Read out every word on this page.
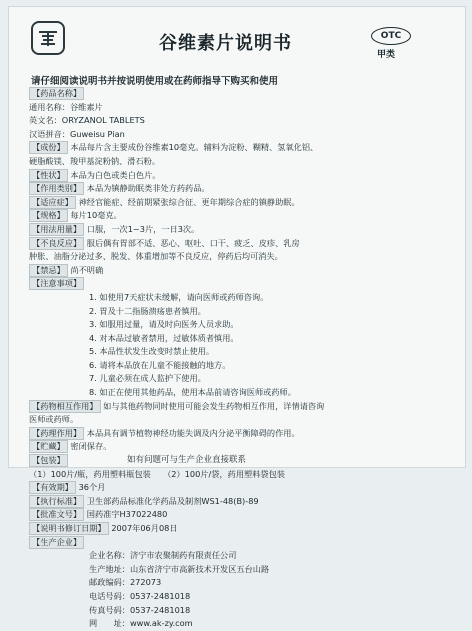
谷维素片说明书	OTC
甲类
请仔细阅读说明书并按说明使用或在药师指导下购买和使用
【药品名称】
通用名称：谷维素片
英文名：ORYZANOL TABLETS
汉语拼音：Guweisu Pian
【成份】 本品每片含主要成份谷维素10毫克。辅料为淀粉、糊精、氢氧化铝、
硬脂酸镁、羧甲基淀粉钠、滑石粉。
【性状】 本品为白色或类白色片。
【作用类别】 本品为镇静助眠类非处方药药品。
【适应症】 神经官能症、经前期紧张综合征、更年期综合症的镇静助眠。
【规格】 每片10毫克。
【用法用量】 口服，一次1~3片，一日3次。
【不良反应】 服后偶有胃部不适、恶心、呕吐、口干、疲乏、皮疹、乳房
肿胀、油脂分泌过多、脱发、体重增加等不良反应，停药后均可消失。
【禁忌】 尚不明确
【注意事项】
1. 如使用7天症状未缓解，请向医师或药师咨询。
2. 胃及十二指肠溃疡患者慎用。
3. 如服用过量，请及时向医务人员求助。
4. 对本品过敏者禁用，过敏体质者慎用。
5. 本品性状发生改变时禁止使用。
6. 请将本品放在儿童不能接触的地方。
7. 儿童必须在成人监护下使用。
8. 如正在使用其他药品，使用本品前请咨询医师或药师。
【药物相互作用】 如与其他药物同时使用可能会发生药物相互作用，详情请咨询
医师或药师。
【药理作用】 本品具有调节植物神经功能失调及内分泌平衡障碍的作用。
【贮藏】 密闭保存。
【包装】
（1）100片/瓶，药用塑料瓶包装　　（2）100片/袋，药用塑料袋包装
【有效期】 36个月
【执行标准】 卫生部药品标准化学药品及制剂WS1-48(B)-89
【批准文号】 国药准字H37022480
【说明书修订日期】 2007年06月08日
【生产企业】
企业名称：济宁市农聚制药有限责任公司
生产地址：山东省济宁市高新技术开发区五台山路
邮政编码：272073
电话号码：0537-2481018
传真号码：0537-2481018
网　　址：www.ak-zy.com
如有问题可与生产企业直接联系
